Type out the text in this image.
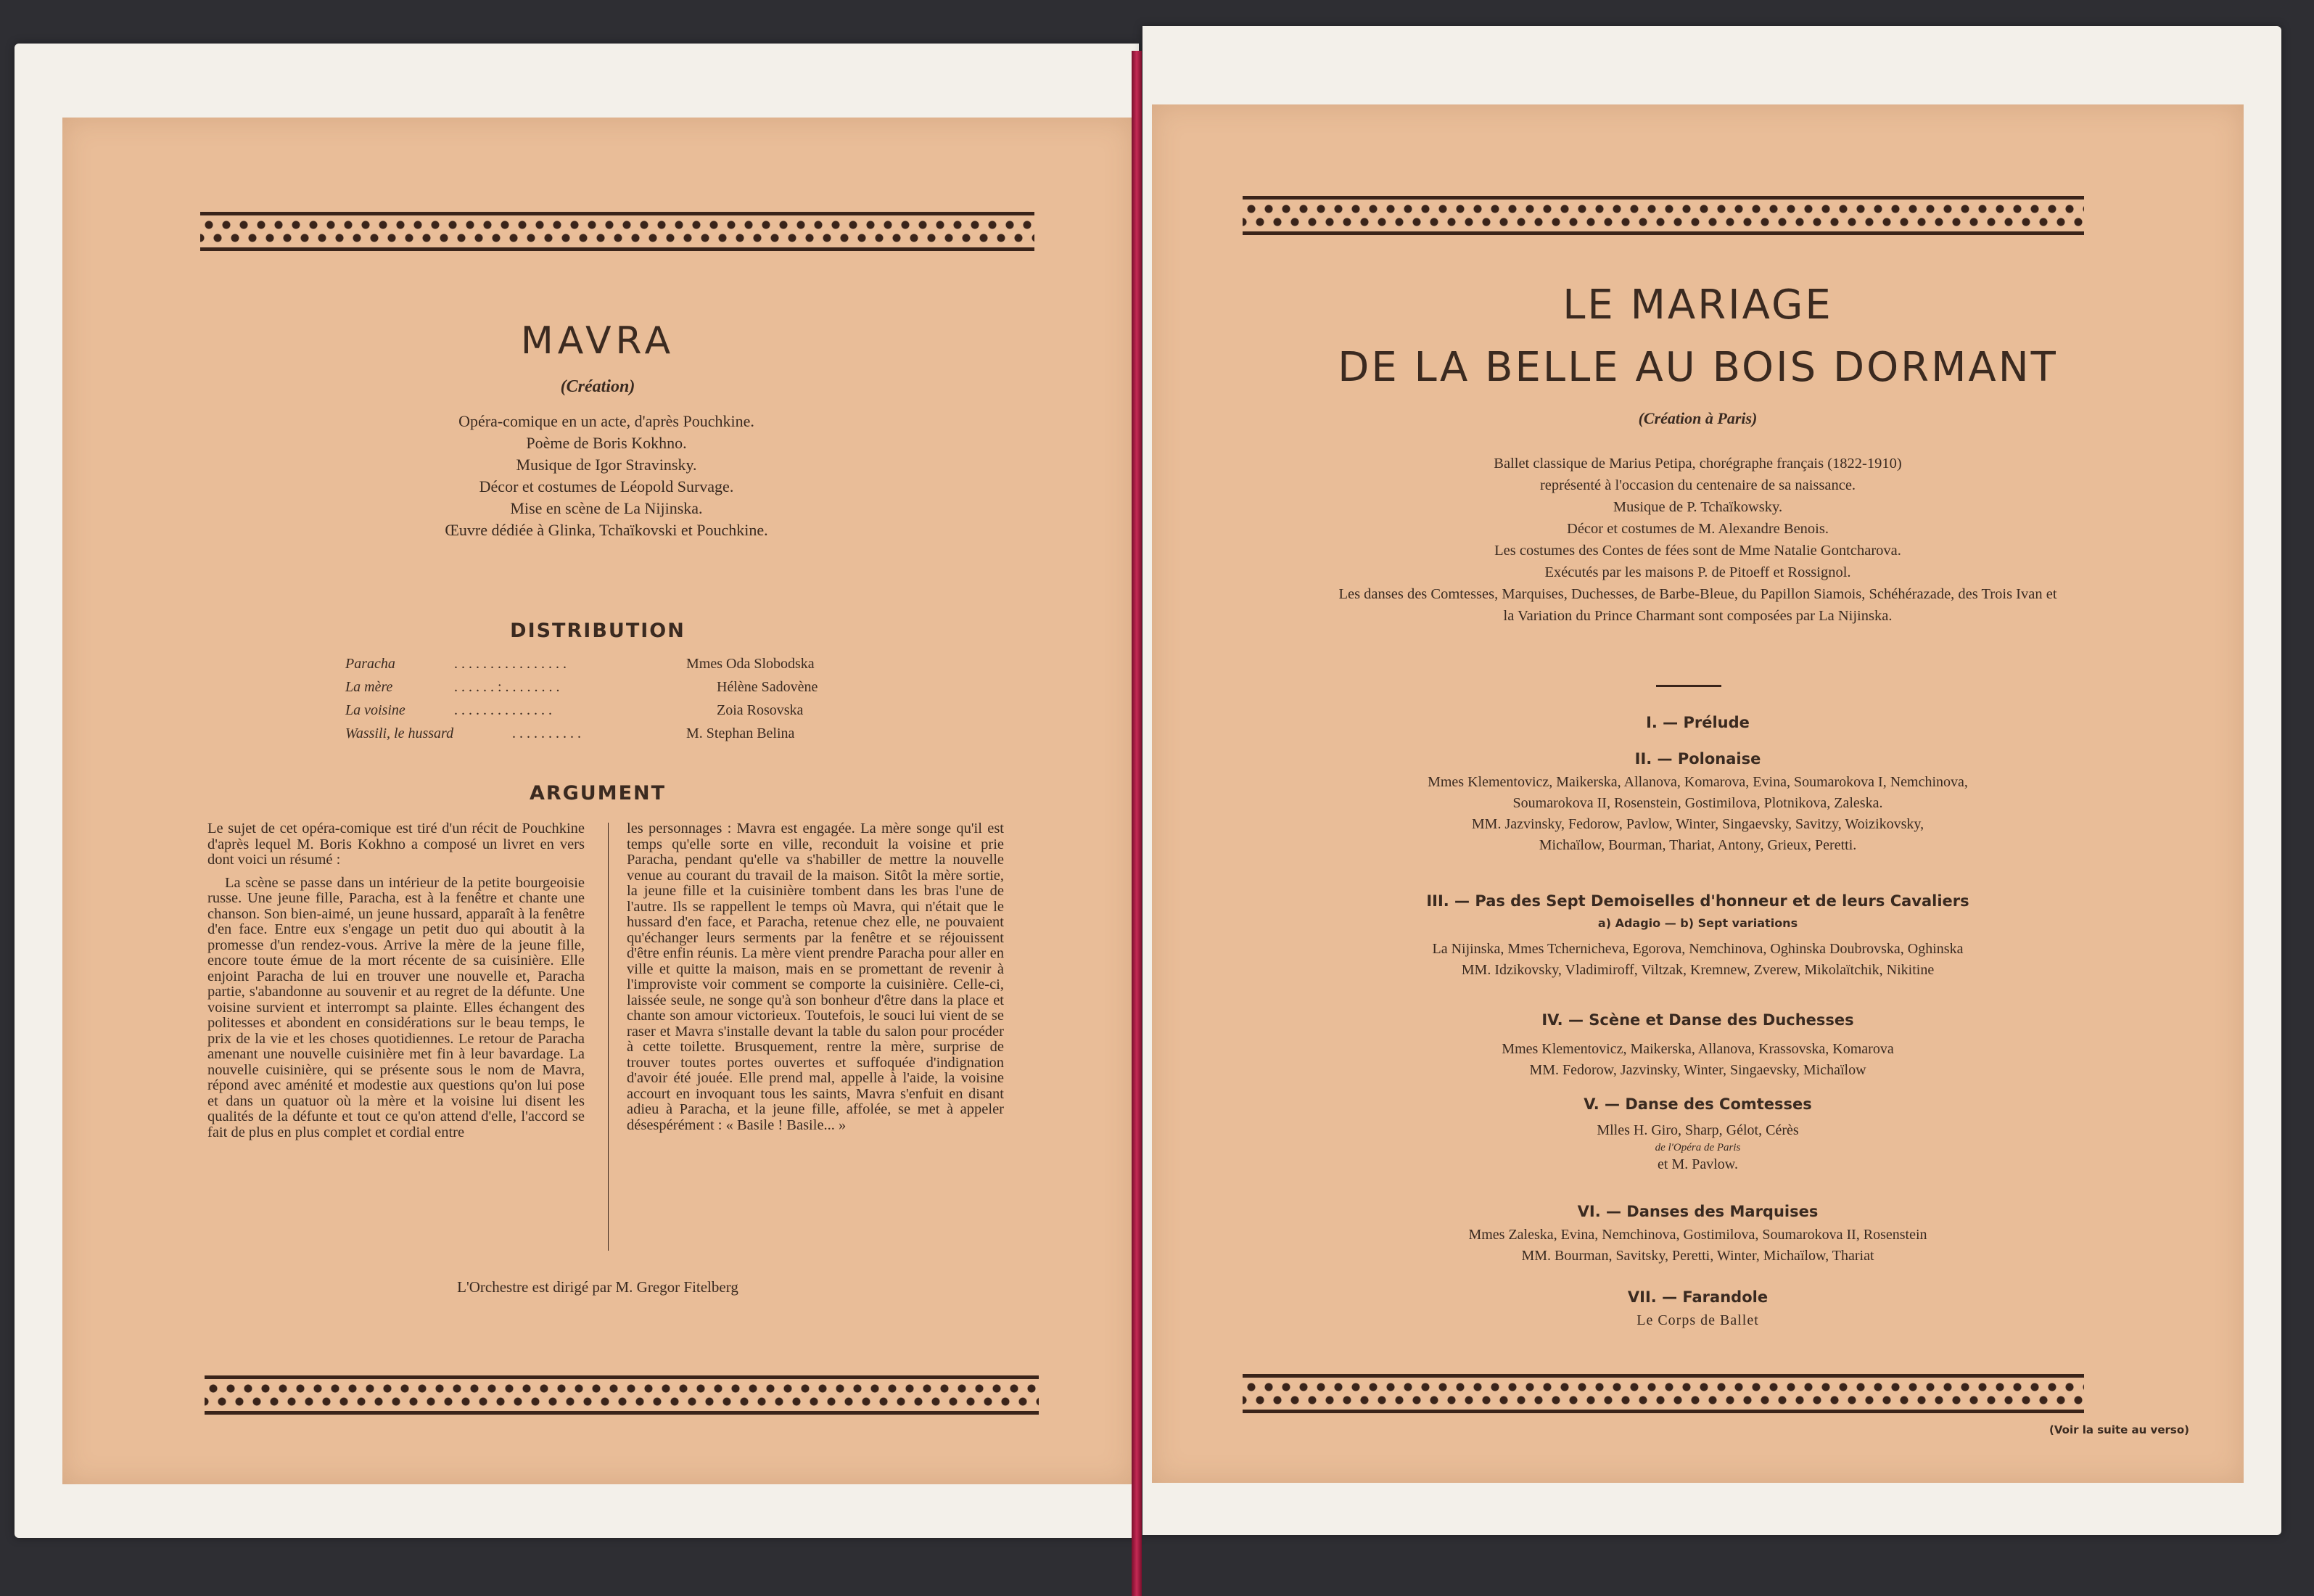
MAVRA
(Création)
Opéra-comique en un acte, d'après Pouchkine.
Poème de Boris Kokhno.
Musique de Igor Stravinsky.
Décor et costumes de Léopold Survage.
Mise en scène de La Nijinska.
Œuvre dédiée à Glinka, Tchaïkovski et Pouchkine.
DISTRIBUTION
Paracha	. . . . . . . . . . . . . . . .	Mmes Oda Slobodska
La mère	. . . . . . : . . . . . . . .	Hélène Sadovène
La voisine	. . . . . . . . . . . . . .	Zoia Rosovska
Wassili, le hussard	. . . . . . . . . .	M. Stephan Belina
ARGUMENT

Le sujet de cet opéra-comique est tiré d'un récit de Pouchkine d'après lequel M. Boris Kokhno a composé un livret en vers dont voici un résumé :

La scène se passe dans un intérieur de la petite bourgeoisie russe. Une jeune fille, Paracha, est à la fenêtre et chante une chanson. Son bien-aimé, un jeune hussard, apparaît à la fenêtre d'en face. Entre eux s'engage un petit duo qui aboutit à la promesse d'un rendez-vous. Arrive la mère de la jeune fille, encore toute émue de la mort récente de sa cuisinière. Elle enjoint Paracha de lui en trouver une nouvelle et, Paracha partie, s'abandonne au souvenir et au regret de la défunte. Une voisine survient et interrompt sa plainte. Elles échangent des politesses et abondent en considérations sur le beau temps, le prix de la vie et les choses quotidiennes. Le retour de Paracha amenant une nouvelle cuisinière met fin à leur bavardage. La nouvelle cuisinière, qui se présente sous le nom de Mavra, répond avec aménité et modestie aux questions qu'on lui pose et dans un quatuor où la mère et la voisine lui disent les qualités de la défunte et tout ce qu'on attend d'elle, l'accord se fait de plus en plus complet et cordial entre

les personnages : Mavra est engagée. La mère songe qu'il est temps qu'elle sorte en ville, reconduit la voisine et prie Paracha, pendant qu'elle va s'habiller de mettre la nouvelle venue au courant du travail de la maison. Sitôt la mère sortie, la jeune fille et la cuisinière tombent dans les bras l'une de l'autre. Ils se rappellent le temps où Mavra, qui n'était que le hussard d'en face, et Paracha, retenue chez elle, ne pouvaient qu'échanger leurs serments par la fenêtre et se réjouissent d'être enfin réunis. La mère vient prendre Paracha pour aller en ville et quitte la maison, mais en se promettant de revenir à l'improviste voir comment se comporte la cuisinière. Celle-ci, laissée seule, ne songe qu'à son bonheur d'être dans la place et chante son amour victorieux. Toutefois, le souci lui vient de se raser et Mavra s'installe devant la table du salon pour procéder à cette toilette. Brusquement, rentre la mère, surprise de trouver toutes portes ouvertes et suffoquée d'indignation d'avoir été jouée. Elle prend mal, appelle à l'aide, la voisine accourt en invoquant tous les saints, Mavra s'enfuit en disant adieu à Paracha, et la jeune fille, affolée, se met à appeler désespérément : « Basile ! Basile... »

L'Orchestre est dirigé par M. Gregor Fitelberg
LE MARIAGE
DE LA BELLE AU BOIS DORMANT
(Création à Paris)
Ballet classique de Marius Petipa, chorégraphe français (1822-1910)
représenté à l'occasion du centenaire de sa naissance.
Musique de P. Tchaïkowsky.
Décor et costumes de M. Alexandre Benois.
Les costumes des Contes de fées sont de Mme Natalie Gontcharova.
Exécutés par les maisons P. de Pitoeff et Rossignol.
Les danses des Comtesses, Marquises, Duchesses, de Barbe-Bleue, du Papillon Siamois, Schéhérazade, des Trois Ivan et
la Variation du Prince Charmant sont composées par La Nijinska.
I. — Prélude
II. — Polonaise
Mmes Klementovicz, Maikerska, Allanova, Komarova, Evina, Soumarokova I, Nemchinova,
Soumarokova II, Rosenstein, Gostimilova, Plotnikova, Zaleska.
MM. Jazvinsky, Fedorow, Pavlow, Winter, Singaevsky, Savitzy, Woizikovsky,
Michaïlow, Bourman, Thariat, Antony, Grieux, Peretti.
III. — Pas des Sept Demoiselles d'honneur et de leurs Cavaliers
a) Adagio — b) Sept variations
La Nijinska, Mmes Tchernicheva, Egorova, Nemchinova, Oghinska Doubrovska, Oghinska
MM. Idzikovsky, Vladimiroff, Viltzak, Kremnew, Zverew, Mikolaïtchik, Nikitine
IV. — Scène et Danse des Duchesses
Mmes Klementovicz, Maikerska, Allanova, Krassovska, Komarova
MM. Fedorow, Jazvinsky, Winter, Singaevsky, Michaïlow
V. — Danse des Comtesses
Mlles H. Giro, Sharp, Gélot, Cérès
de l'Opéra de Paris
et M. Pavlow.
VI. — Danses des Marquises
Mmes Zaleska, Evina, Nemchinova, Gostimilova, Soumarokova II, Rosenstein
MM. Bourman, Savitsky, Peretti, Winter, Michaïlow, Thariat
VII. — Farandole
Le Corps de Ballet
(Voir la suite au verso)
